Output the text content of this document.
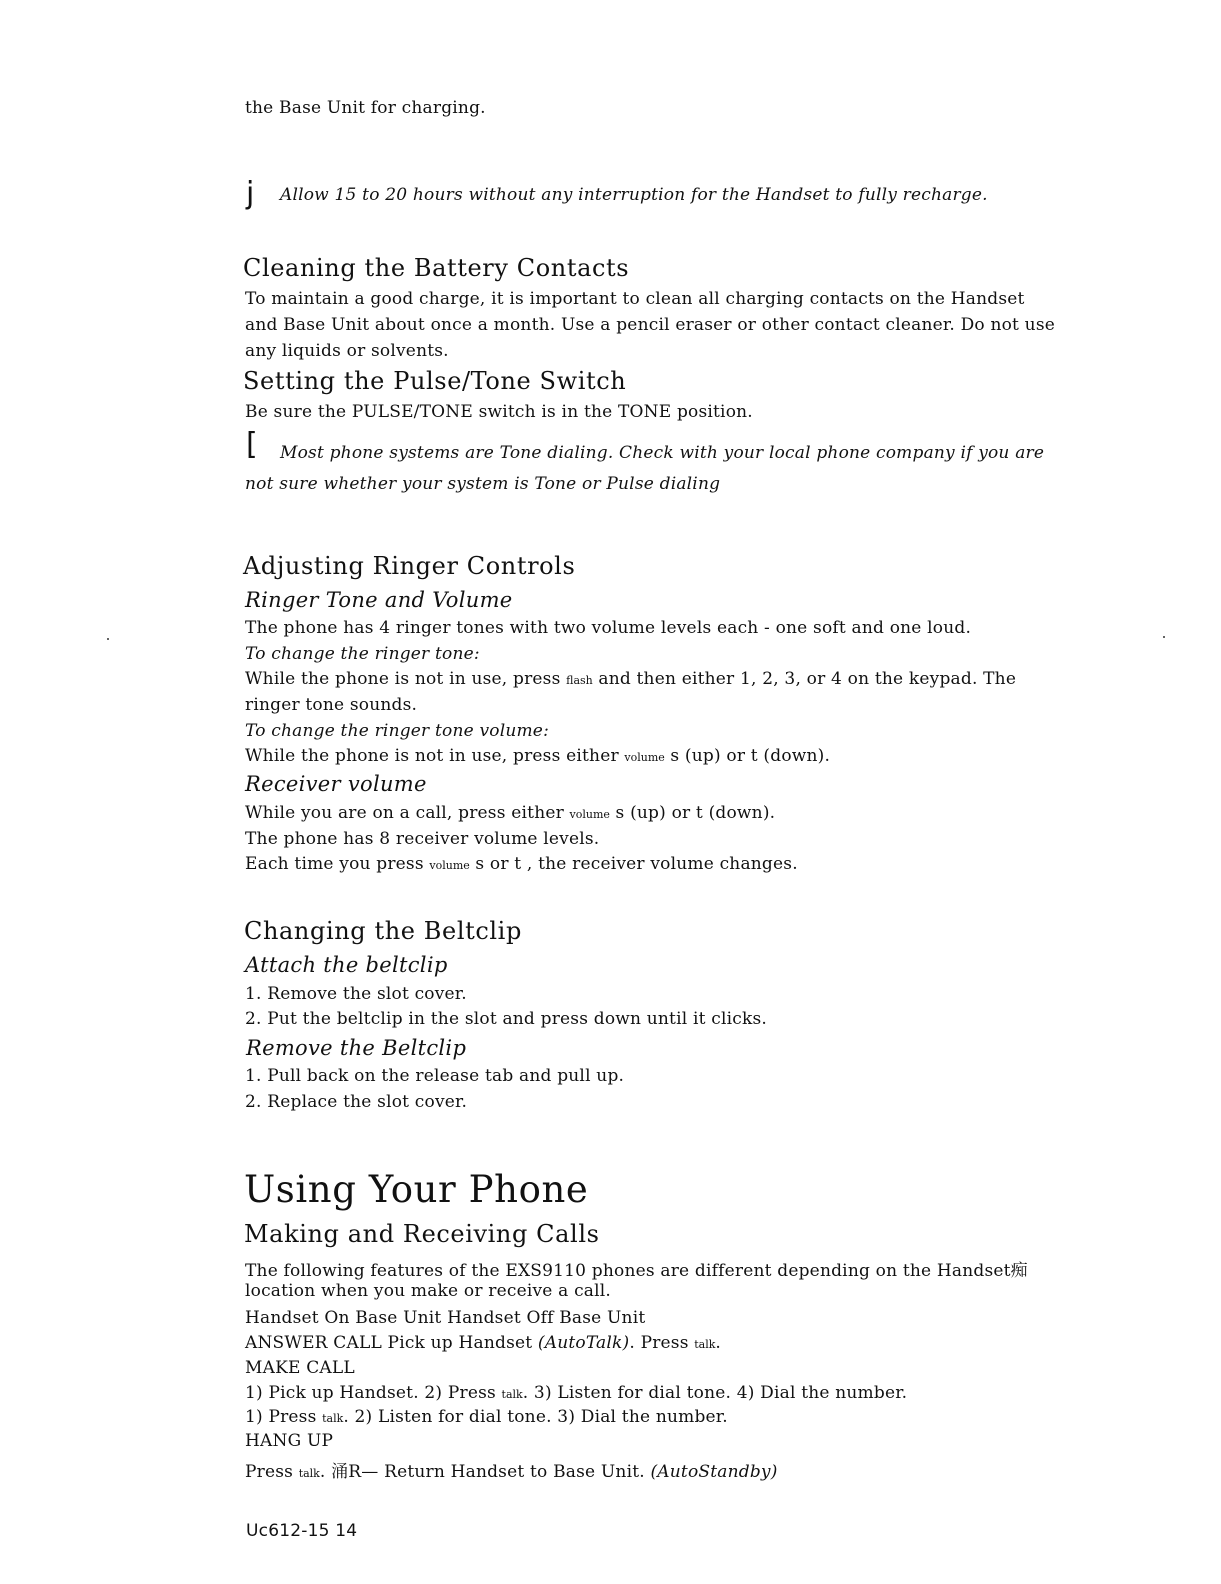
the Base Unit for charging.
j Allow 15 to 20 hours without any interruption for the Handset to fully recharge.
Cleaning the Battery Contacts
To maintain a good charge, it is important to clean all charging contacts on the Handset
and Base Unit about once a month. Use a pencil eraser or other contact cleaner. Do not use
any liquids or solvents.
Setting the Pulse/Tone Switch
Be sure the PULSE/TONE switch is in the TONE position.
[ Most phone systems are Tone dialing. Check with your local phone company if you are
not sure whether your system is Tone or Pulse dialing
Adjusting Ringer Controls
Ringer Tone and Volume
The phone has 4 ringer tones with two volume levels each - one soft and one loud.
To change the ringer tone:
While the phone is not in use, press flash and then either 1, 2, 3, or 4 on the keypad. The
ringer tone sounds.
To change the ringer tone volume:
While the phone is not in use, press either volume s (up) or t (down).
Receiver volume
While you are on a call, press either volume s (up) or t (down).
The phone has 8 receiver volume levels.
Each time you press volume s or t , the receiver volume changes.
Changing the Beltclip
Attach the beltclip
1. Remove the slot cover.
2. Put the beltclip in the slot and press down until it clicks.
Remove the Beltclip
1. Pull back on the release tab and pull up.
2. Replace the slot cover.
Using Your Phone
Making and Receiving Calls
The following features of the EXS9110 phones are different depending on the Handset痴
location when you make or receive a call.
Handset On Base Unit Handset Off Base Unit
ANSWER CALL Pick up Handset (AutoTalk). Press talk.
MAKE CALL
1) Pick up Handset. 2) Press talk. 3) Listen for dial tone. 4) Dial the number.
1) Press talk. 2) Listen for dial tone. 3) Dial the number.
HANG UP
Press talk. 涌R— Return Handset to Base Unit. (AutoStandby)
Uc612-15 14
